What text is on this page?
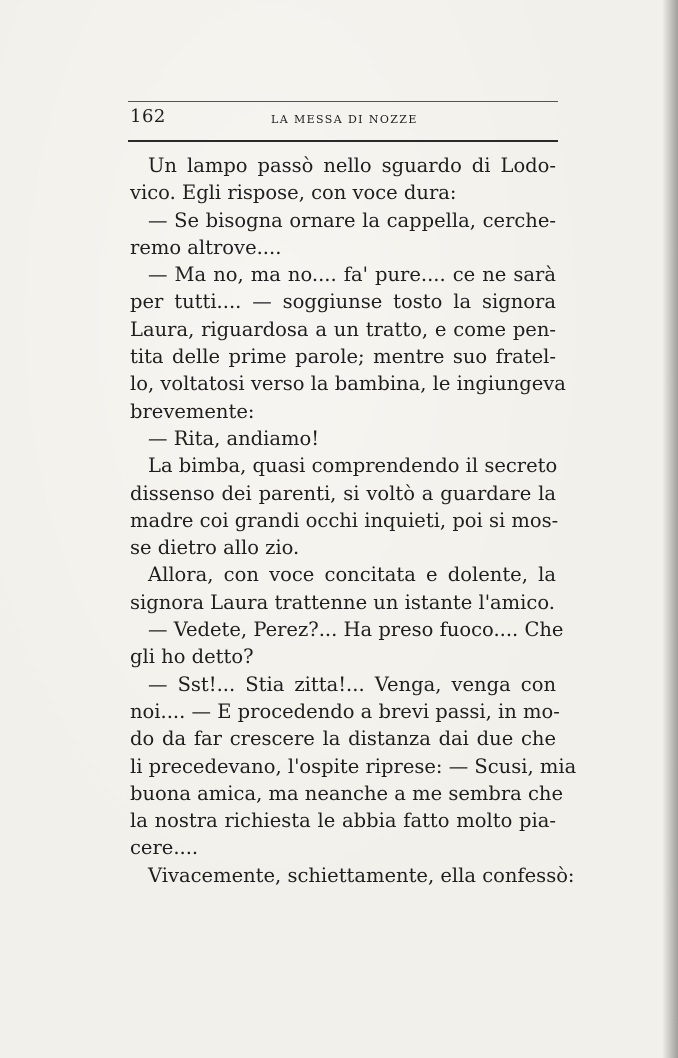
162	LA MESSA DI NOZZE
Un lampo passò nello sguardo di Lodo-
vico. Egli rispose, con voce dura:
— Se bisogna ornare la cappella, cerche-
remo altrove....
— Ma no, ma no.... fa' pure.... ce ne sarà
per tutti.... — soggiunse tosto la signora
Laura, riguardosa a un tratto, e come pen-
tita delle prime parole; mentre suo fratel-
lo, voltatosi verso la bambina, le ingiungeva
brevemente:
— Rita, andiamo!
La bimba, quasi comprendendo il secreto
dissenso dei parenti, si voltò a guardare la
madre coi grandi occhi inquieti, poi si mos-
se dietro allo zio.
Allora, con voce concitata e dolente, la
signora Laura trattenne un istante l'amico.
— Vedete, Perez?... Ha preso fuoco.... Che
gli ho detto?
— Sst!... Stia zitta!... Venga, venga con
noi.... — E procedendo a brevi passi, in mo-
do da far crescere la distanza dai due che
li precedevano, l'ospite riprese: — Scusi, mia
buona amica, ma neanche a me sembra che
la nostra richiesta le abbia fatto molto pia-
cere....
Vivacemente, schiettamente, ella confessò:
